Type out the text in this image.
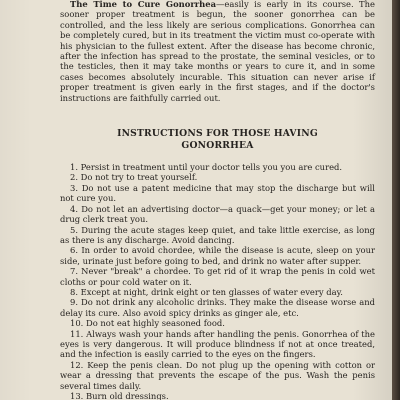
The Time to Cure Gonorrhea—easily is early in its course. The sooner proper treatment is begun, the sooner gonorrhea can be controlled, and the less likely are serious complications. Gonorrhea can be completely cured, but in its treatment the victim must co-operate with his physician to the fullest extent. After the disease has become chronic, after the infection has spread to the prostate, the seminal vesicles, or to the testicles, then it may take months or years to cure it, and in some cases becomes absolutely incurable. This situation can never arise if proper treatment is given early in the first stages, and if the doctor's instructions are faithfully carried out.

INSTRUCTIONS FOR THOSE HAVING
GONORRHEA

1. Persist in treatment until your doctor tells you you are cured.

2. Do not try to treat yourself.

3. Do not use a patent medicine that may stop the discharge but will not cure you.

4. Do not let an advertising doctor—a quack—get your money; or let a drug clerk treat you.

5. During the acute stages keep quiet, and take little exercise, as long as there is any discharge. Avoid dancing.

6. In order to avoid chordee, while the disease is acute, sleep on your side, urinate just before going to bed, and drink no water after supper.

7. Never "break" a chordee. To get rid of it wrap the penis in cold wet cloths or pour cold water on it.

8. Except at night, drink eight or ten glasses of water every day.

9. Do not drink any alcoholic drinks. They make the disease worse and delay its cure. Also avoid spicy drinks as ginger ale, etc.

10. Do not eat highly seasoned food.

11. Always wash your hands after handling the penis. Gonorrhea of the eyes is very dangerous. It will produce blindness if not at once treated, and the infection is easily carried to the eyes on the fingers.

12. Keep the penis clean. Do not plug up the opening with cotton or wear a dressing that prevents the escape of the pus. Wash the penis several times daily.

13. Burn old dressings.
